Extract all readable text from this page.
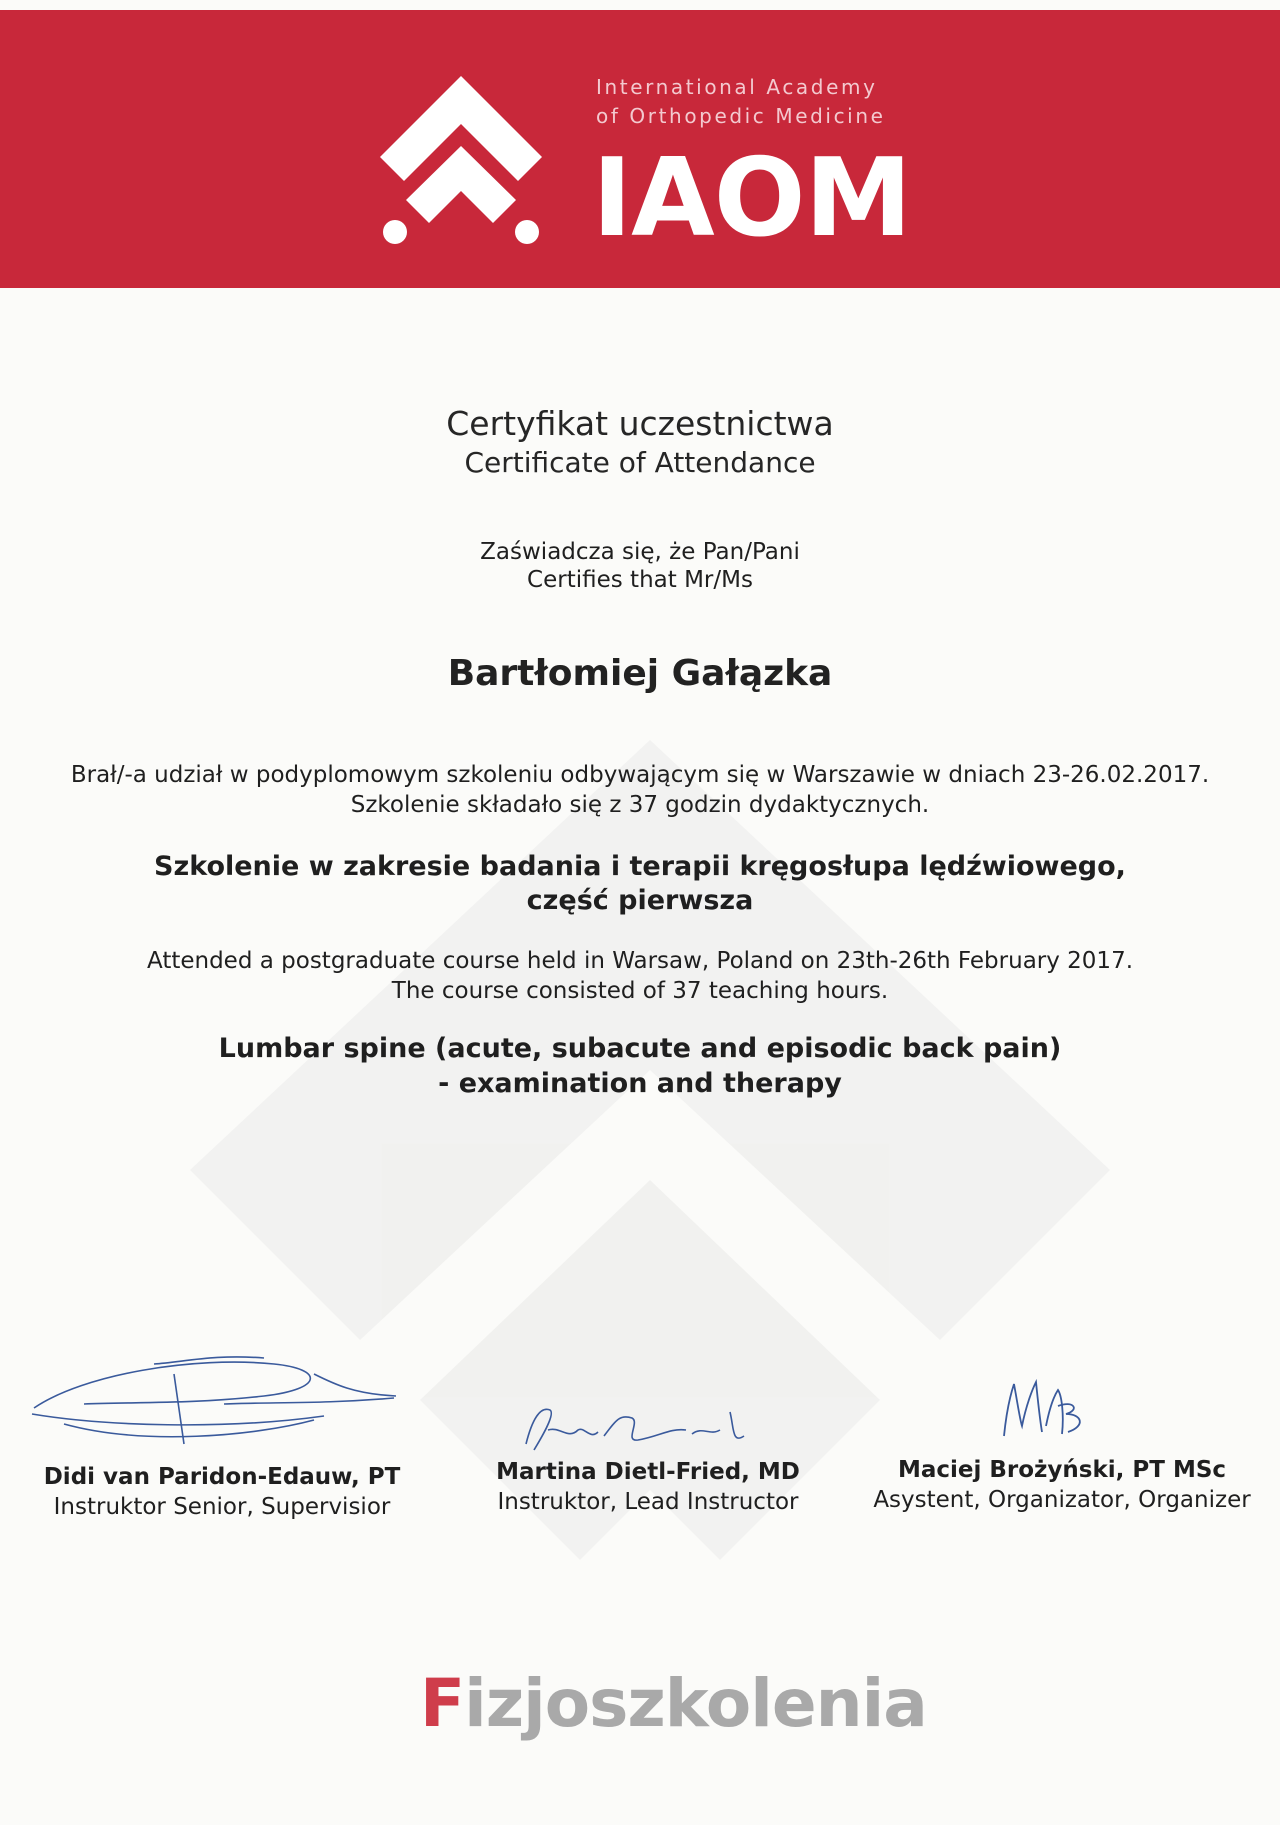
International Academy
of Orthopedic Medicine
IAOM
Certyfikat uczestnictwa
Certificate of Attendance
Zaświadcza się, że Pan/Pani
Certifies that Mr/Ms
Bartłomiej Gałązka
Brał/-a udział w podyplomowym szkoleniu odbywającym się w Warszawie w dniach 23-26.02.2017.
Szkolenie składało się z 37 godzin dydaktycznych.
Szkolenie w zakresie badania i terapii kręgosłupa lędźwiowego,
część pierwsza
Attended a postgraduate course held in Warsaw, Poland on 23th-26th February 2017.
The course consisted of 37 teaching hours.
Lumbar spine (acute, subacute and episodic back pain)
- examination and therapy
Didi van Paridon-Edauw, PT
Instruktor Senior, Supervisior
Martina Dietl-Fried, MD
Instruktor, Lead Instructor
Maciej Brożyński, PT MSc
Asystent, Organizator, Organizer
Fizjoszkolenia
